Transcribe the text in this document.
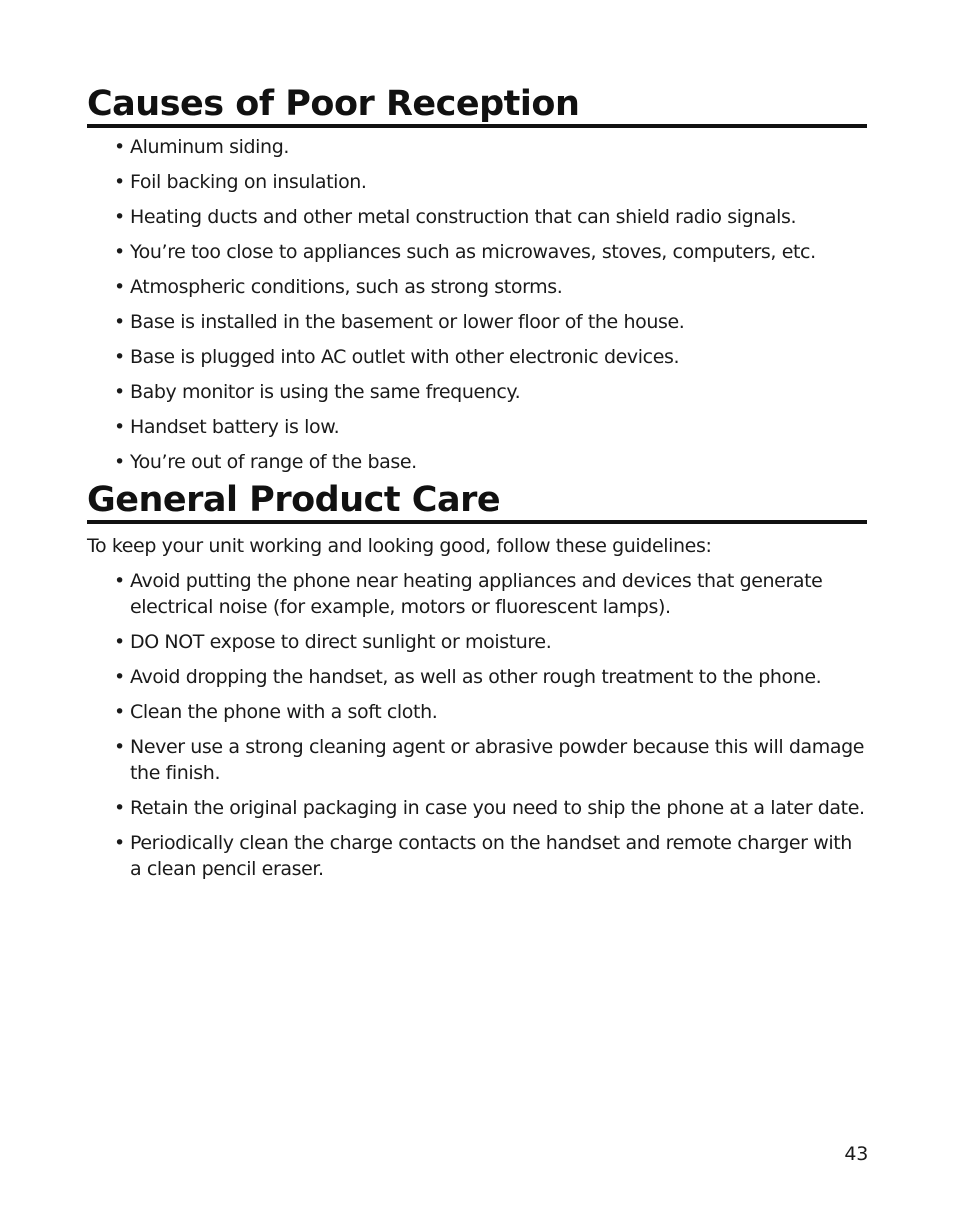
Causes of Poor Reception
• Aluminum siding.
• Foil backing on insulation.
• Heating ducts and other metal construction that can shield radio signals.
• You’re too close to appliances such as microwaves, stoves, computers, etc.
• Atmospheric conditions, such as strong storms.
• Base is installed in the basement or lower floor of the house.
• Base is plugged into AC outlet with other electronic devices.
• Baby monitor is using the same frequency.
• Handset battery is low.
• You’re out of range of the base.
General Product Care

To keep your unit working and looking good, follow these guidelines:

• Avoid putting the phone near heating appliances and devices that generate electrical noise (for example, motors or fluorescent lamps).
• DO NOT expose to direct sunlight or moisture.
• Avoid dropping the handset, as well as other rough treatment to the phone.
• Clean the phone with a soft cloth.
• Never use a strong cleaning agent or abrasive powder because this will damage the finish.
• Retain the original packaging in case you need to ship the phone at a later date.
• Periodically clean the charge contacts on the handset and remote charger with a clean pencil eraser.
43
